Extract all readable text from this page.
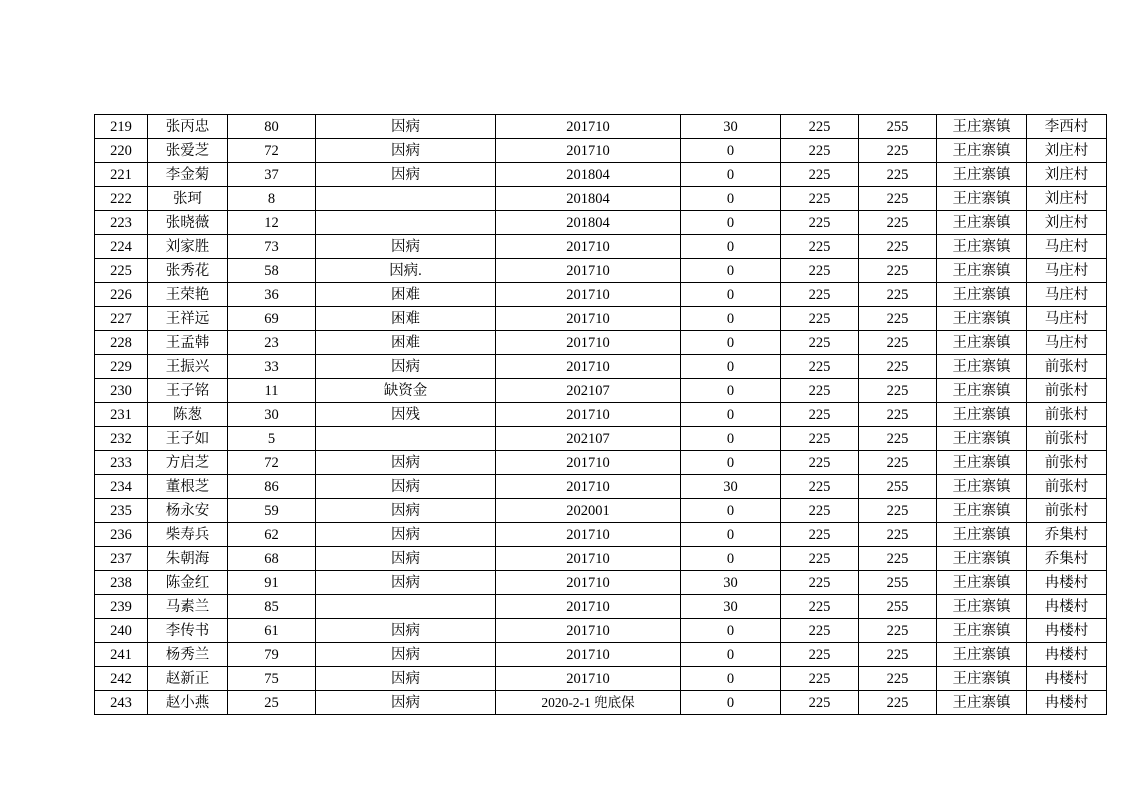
219	张丙忠	80	因病	201710	30	225	255	王庄寨镇	李西村
220	张爱芝	72	因病	201710	0	225	225	王庄寨镇	刘庄村
221	李金菊	37	因病	201804	0	225	225	王庄寨镇	刘庄村
222	张珂	8		201804	0	225	225	王庄寨镇	刘庄村
223	张晓薇	12		201804	0	225	225	王庄寨镇	刘庄村
224	刘家胜	73	因病	201710	0	225	225	王庄寨镇	马庄村
225	张秀花	58	因病.	201710	0	225	225	王庄寨镇	马庄村
226	王荣艳	36	困难	201710	0	225	225	王庄寨镇	马庄村
227	王祥远	69	困难	201710	0	225	225	王庄寨镇	马庄村
228	王孟韩	23	困难	201710	0	225	225	王庄寨镇	马庄村
229	王振兴	33	因病	201710	0	225	225	王庄寨镇	前张村
230	王子铭	11	缺资金	202107	0	225	225	王庄寨镇	前张村
231	陈葱	30	因残	201710	0	225	225	王庄寨镇	前张村
232	王子如	5		202107	0	225	225	王庄寨镇	前张村
233	方启芝	72	因病	201710	0	225	225	王庄寨镇	前张村
234	董根芝	86	因病	201710	30	225	255	王庄寨镇	前张村
235	杨永安	59	因病	202001	0	225	225	王庄寨镇	前张村
236	柴寿兵	62	因病	201710	0	225	225	王庄寨镇	乔集村
237	朱朝海	68	因病	201710	0	225	225	王庄寨镇	乔集村
238	陈金红	91	因病	201710	30	225	255	王庄寨镇	冉楼村
239	马素兰	85		201710	30	225	255	王庄寨镇	冉楼村
240	李传书	61	因病	201710	0	225	225	王庄寨镇	冉楼村
241	杨秀兰	79	因病	201710	0	225	225	王庄寨镇	冉楼村
242	赵新正	75	因病	201710	0	225	225	王庄寨镇	冉楼村
243	赵小燕	25	因病	2020-2-1 兜底保	0	225	225	王庄寨镇	冉楼村
